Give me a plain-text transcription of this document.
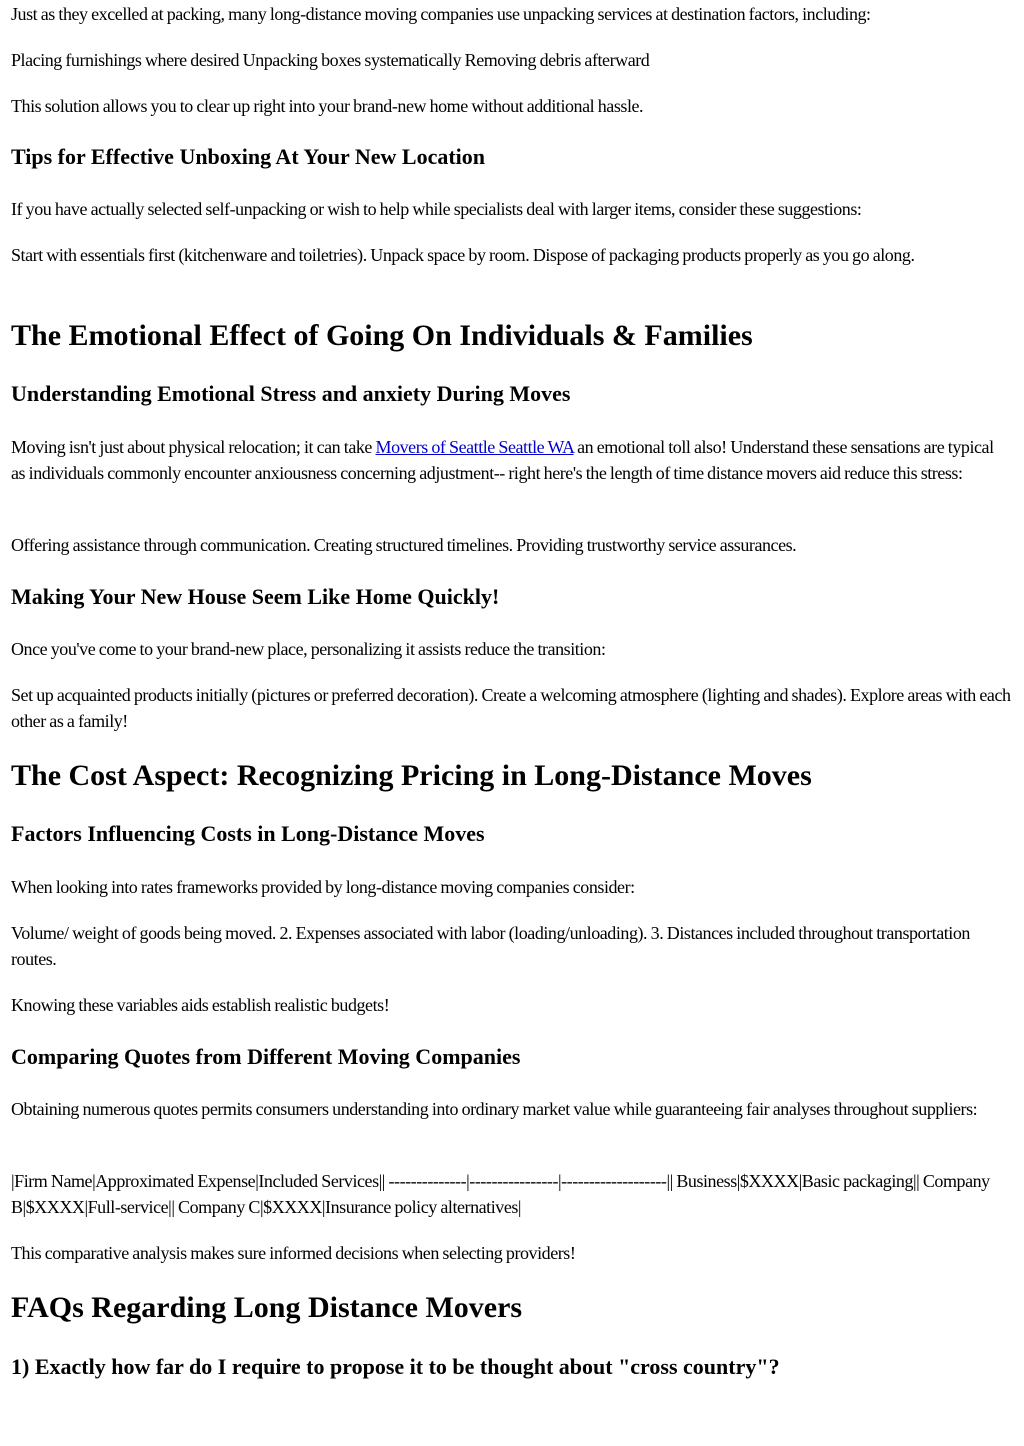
Just as they excelled at packing, many long-distance moving companies use unpacking services at destination factors, including:

Placing furnishings where desired Unpacking boxes systematically Removing debris afterward

This solution allows you to clear up right into your brand-new home without additional hassle.

Tips for Effective Unboxing At Your New Location

If you have actually selected self-unpacking or wish to help while specialists deal with larger items, consider these suggestions:

Start with essentials first (kitchenware and toiletries). Unpack space by room. Dispose of packaging products properly as you go along.

The Emotional Effect of Going On Individuals & Families
Understanding Emotional Stress and anxiety During Moves

Moving isn't just about physical relocation; it can take Movers of Seattle Seattle WA an emotional toll also! Understand these sensations are typical as individuals commonly encounter anxiousness concerning adjustment-- right here's the length of time distance movers aid reduce this stress:

Offering assistance through communication. Creating structured timelines. Providing trustworthy service assurances.

Making Your New House Seem Like Home Quickly!

Once you've come to your brand-new place, personalizing it assists reduce the transition:

Set up acquainted products initially (pictures or preferred decoration). Create a welcoming atmosphere (lighting and shades). Explore areas with each other as a family!

The Cost Aspect: Recognizing Pricing in Long-Distance Moves
Factors Influencing Costs in Long-Distance Moves

When looking into rates frameworks provided by long-distance moving companies consider:

Volume/ weight of goods being moved. 2. Expenses associated with labor (loading/unloading). 3. Distances included throughout transportation routes.

Knowing these variables aids establish realistic budgets!

Comparing Quotes from Different Moving Companies

Obtaining numerous quotes permits consumers understanding into ordinary market value while guaranteeing fair analyses throughout suppliers:

|Firm Name|Approximated Expense|Included Services|| --------------|----------------|-------------------|| Business|$XXXX|Basic packaging|| Company B|$XXXX|Full-service|| Company C|$XXXX|Insurance policy alternatives|

This comparative analysis makes sure informed decisions when selecting providers!

FAQs Regarding Long Distance Movers
1) Exactly how far do I require to propose it to be thought about "cross country"?
